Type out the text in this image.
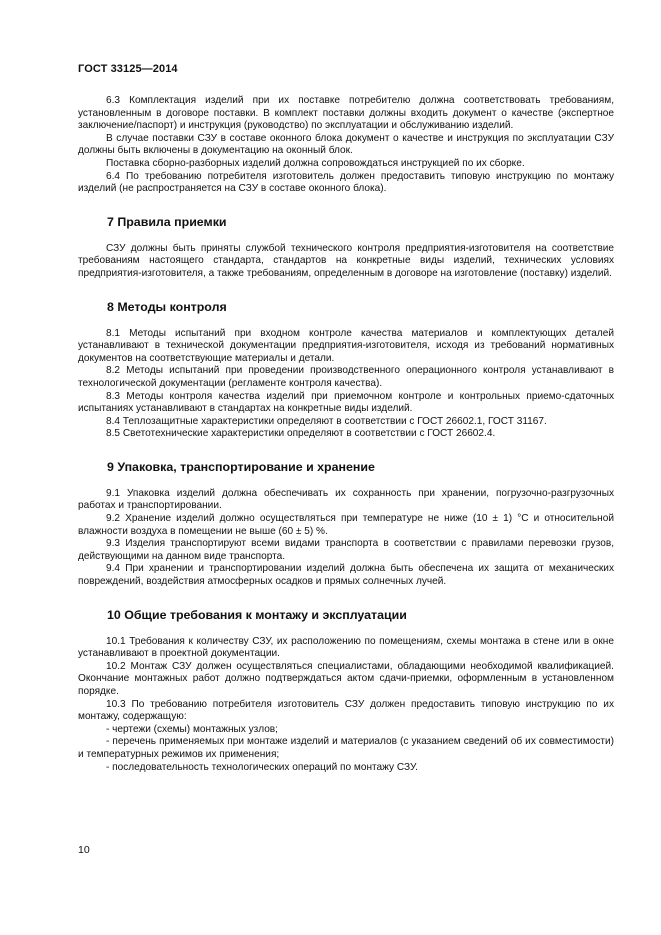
ГОСТ 33125—2014

6.3 Комплектация изделий при их поставке потребителю должна соответствовать требованиям, установленным в договоре поставки. В комплект поставки должны входить документ о качестве (экспертное заключение/паспорт) и инструкция (руководство) по эксплуатации и обслуживанию изделий.

В случае поставки СЗУ в составе оконного блока документ о качестве и инструкция по эксплуатации СЗУ должны быть включены в документацию на оконный блок.

Поставка сборно-разборных изделий должна сопровождаться инструкцией по их сборке.

6.4 По требованию потребителя изготовитель должен предоставить типовую инструкцию по монтажу изделий (не распространяется на СЗУ в составе оконного блока).

7 Правила приемки

СЗУ должны быть приняты службой технического контроля предприятия-изготовителя на соответствие требованиям настоящего стандарта, стандартов на конкретные виды изделий, технических условиях предприятия-изготовителя, а также требованиям, определенным в договоре на изготовление (поставку) изделий.

8 Методы контроля

8.1 Методы испытаний при входном контроле качества материалов и комплектующих деталей устанавливают в технической документации предприятия-изготовителя, исходя из требований нормативных документов на соответствующие материалы и детали.

8.2 Методы испытаний при проведении производственного операционного контроля устанавливают в технологической документации (регламенте контроля качества).

8.3 Методы контроля качества изделий при приемочном контроле и контрольных приемо-сдаточных испытаниях устанавливают в стандартах на конкретные виды изделий.

8.4 Теплозащитные характеристики определяют в соответствии с ГОСТ 26602.1, ГОСТ 31167.

8.5 Светотехнические характеристики определяют в соответствии с ГОСТ 26602.4.

9 Упаковка, транспортирование и хранение

9.1 Упаковка изделий должна обеспечивать их сохранность при хранении, погрузочно-разгрузочных работах и транспортировании.

9.2 Хранение изделий должно осуществляться при температуре не ниже (10 ± 1) °С и относительной влажности воздуха в помещении не выше (60 ± 5) %.

9.3 Изделия транспортируют всеми видами транспорта в соответствии с правилами перевозки грузов, действующими на данном виде транспорта.

9.4 При хранении и транспортировании изделий должна быть обеспечена их защита от механических повреждений, воздействия атмосферных осадков и прямых солнечных лучей.

10 Общие требования к монтажу и эксплуатации

10.1 Требования к количеству СЗУ, их расположению по помещениям, схемы монтажа в стене или в окне устанавливают в проектной документации.

10.2 Монтаж СЗУ должен осуществляться специалистами, обладающими необходимой квалификацией. Окончание монтажных работ должно подтверждаться актом сдачи-приемки, оформленным в установленном порядке.

10.3 По требованию потребителя изготовитель СЗУ должен предоставить типовую инструкцию по их монтажу, содержащую:

- чертежи (схемы) монтажных узлов;

- перечень применяемых при монтаже изделий и материалов (с указанием сведений об их совместимости) и температурных режимов их применения;

- последовательность технологических операций по монтажу СЗУ.

10
